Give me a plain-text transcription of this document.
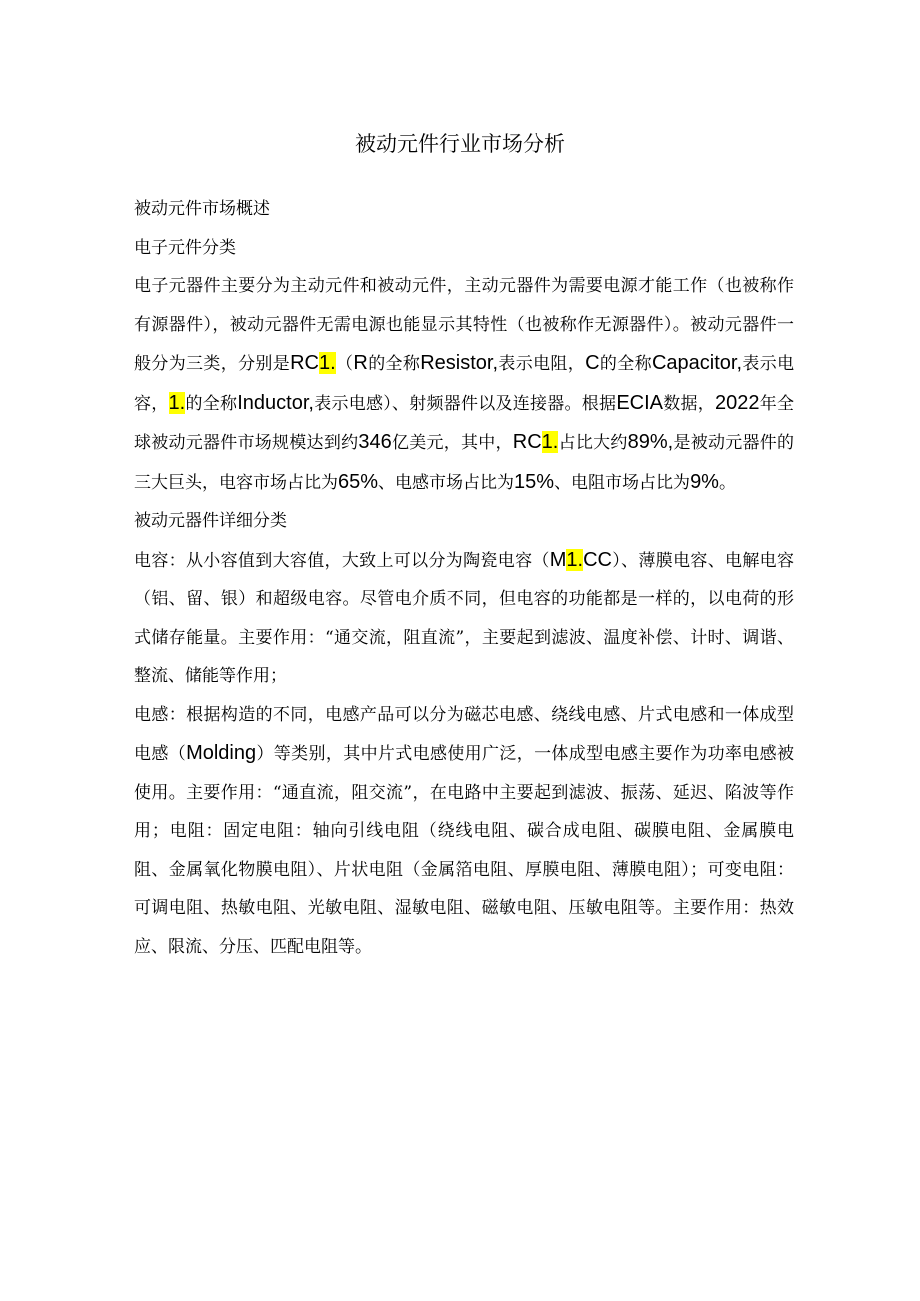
被动元件行业市场分析

被动元件市场概述

电子元件分类

电子元器件主要分为主动元件和被动元件，主动元器件为需要电源才能工作（也被称作有源器件），被动元器件无需电源也能显示其特性（也被称作无源器件）。被动元器件一般分为三类，分别是RC1.（R的全称Resistor,表示电阻，C的全称Capacitor,表示电容，1.的全称Inductor,表示电感）、射频器件以及连接器。根据ECIA数据，2022年全球被动元器件市场规模达到约346亿美元，其中，RC1.占比大约89%,是被动元器件的三大巨头，电容市场占比为65%、电感市场占比为15%、电阻市场占比为9%。

被动元器件详细分类

电容：从小容值到大容值，大致上可以分为陶瓷电容（M1.CC）、薄膜电容、电解电容（铝、留、银）和超级电容。尽管电介质不同，但电容的功能都是一样的，以电荷的形式储存能量。主要作用：“通交流，阻直流”，主要起到滤波、温度补偿、计时、调谐、整流、储能等作用；

电感：根据构造的不同，电感产品可以分为磁芯电感、绕线电感、片式电感和一体成型电感（Molding）等类别，其中片式电感使用广泛，一体成型电感主要作为功率电感被使用。主要作用：“通直流，阻交流”，在电路中主要起到滤波、振荡、延迟、陷波等作用；电阻：固定电阻：轴向引线电阻（绕线电阻、碳合成电阻、碳膜电阻、金属膜电阻、金属氧化物膜电阻）、片状电阻（金属箔电阻、厚膜电阻、薄膜电阻）；可变电阻：可调电阻、热敏电阻、光敏电阻、湿敏电阻、磁敏电阻、压敏电阻等。主要作用：热效应、限流、分压、匹配电阻等。
